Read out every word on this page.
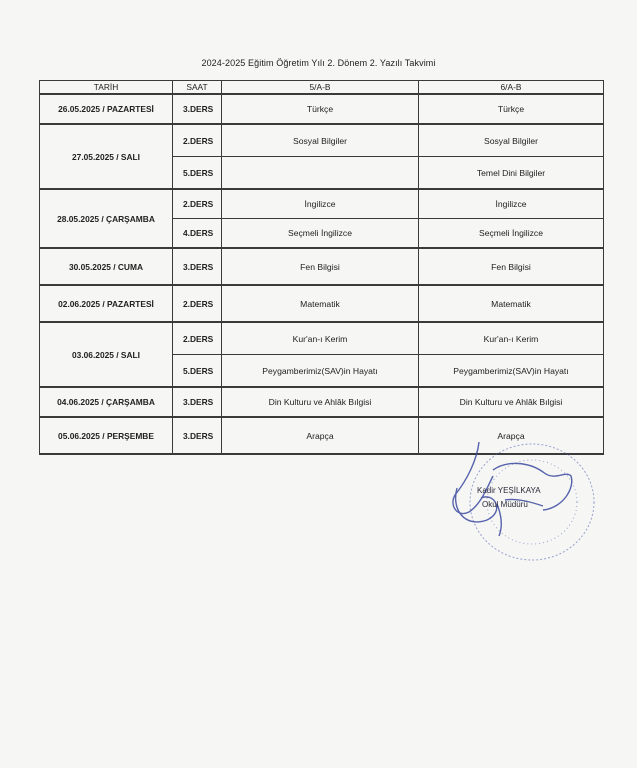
2024-2025 Eğitim Öğretim Yılı 2. Dönem 2. Yazılı Takvimi
TARİH	SAAT	5/A-B	6/A-B
26.05.2025 / PAZARTESİ	3.DERS	Türkçe	Türkçe
27.05.2025 / SALI	2.DERS	Sosyal Bilgiler	Sosyal Bilgiler
	5.DERS		Temel Dini Bilgiler
28.05.2025 / ÇARŞAMBA	2.DERS	İngilizce	İngilizce
	4.DERS	Seçmeli İngilizce	Seçmeli İngilizce
30.05.2025 / CUMA	3.DERS	Fen Bilgisi	Fen Bilgisi
02.06.2025 / PAZARTESİ	2.DERS	Matematik	Matematik
03.06.2025 / SALI	2.DERS	Kur'an-ı Kerim	Kur'an-ı Kerim
	5.DERS	Peygamberimiz(SAV)in Hayatı	Peygamberimiz(SAV)in Hayatı
04.06.2025 / ÇARŞAMBA	3.DERS	Din Kulturu ve Ahlâk Bılgisi	Din Kulturu ve Ahlâk Bılgisi
05.06.2025 / PERŞEMBE	3.DERS	Arapça	Arapça
Kadir YEŞİLKAYA
Okul Müdürü
